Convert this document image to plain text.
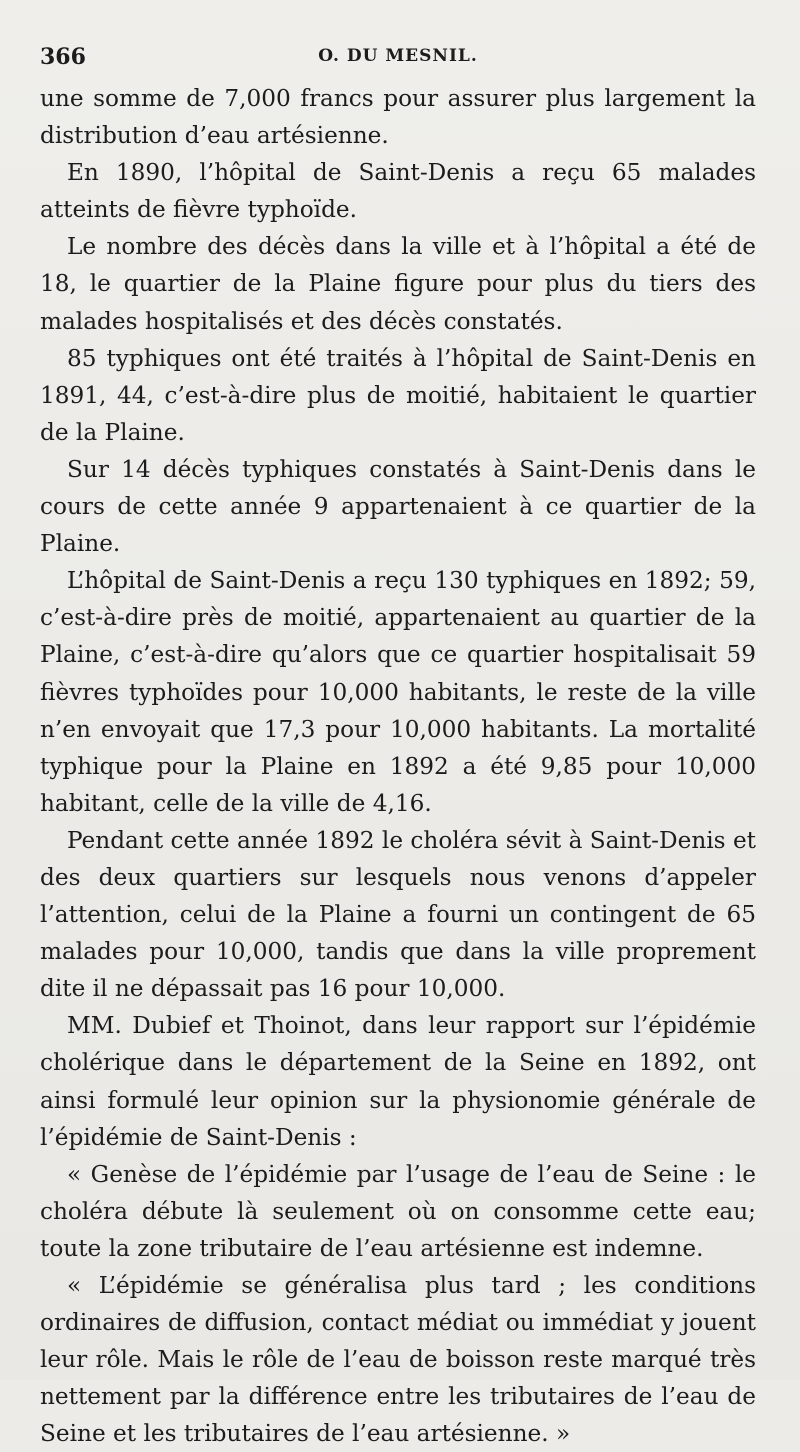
366	O. DU MESNIL.

une somme de 7,000 francs pour assurer plus largement la distribution d’eau artésienne.

En 1890, l’hôpital de Saint-Denis a reçu 65 malades atteints de fièvre typhoïde.

Le nombre des décès dans la ville et à l’hôpital a été de 18, le quartier de la Plaine figure pour plus du tiers des malades hospitalisés et des décès constatés.

85 typhiques ont été traités à l’hôpital de Saint-Denis en 1891, 44, c’est-à-dire plus de moitié, habitaient le quartier de la Plaine.

Sur 14 décès typhiques constatés à Saint-Denis dans le cours de cette année 9 appartenaient à ce quartier de la Plaine.

L’hôpital de Saint-Denis a reçu 130 typhiques en 1892; 59, c’est-à-dire près de moitié, appartenaient au quartier de la Plaine, c’est-à-dire qu’alors que ce quartier hospitalisait 59 fièvres typhoïdes pour 10,000 habitants, le reste de la ville n’en envoyait que 17,3 pour 10,000 habitants. La mortalité typhique pour la Plaine en 1892 a été 9,85 pour 10,000 habitant, celle de la ville de 4,16.

Pendant cette année 1892 le choléra sévit à Saint-Denis et des deux quartiers sur lesquels nous venons d’appeler l’attention, celui de la Plaine a fourni un contingent de 65 malades pour 10,000, tandis que dans la ville proprement dite il ne dépassait pas 16 pour 10,000.

MM. Dubief et Thoinot, dans leur rapport sur l’épidémie cholérique dans le département de la Seine en 1892, ont ainsi formulé leur opinion sur la physionomie générale de l’épidémie de Saint-Denis :

« Genèse de l’épidémie par l’usage de l’eau de Seine : le choléra débute là seulement où on consomme cette eau; toute la zone tributaire de l’eau artésienne est indemne.

« L’épidémie se généralisa plus tard ; les conditions ordinaires de diffusion, contact médiat ou immédiat y jouent leur rôle. Mais le rôle de l’eau de boisson reste marqué très nettement par la différence entre les tributaires de l’eau de Seine et les tributaires de l’eau artésienne. »
